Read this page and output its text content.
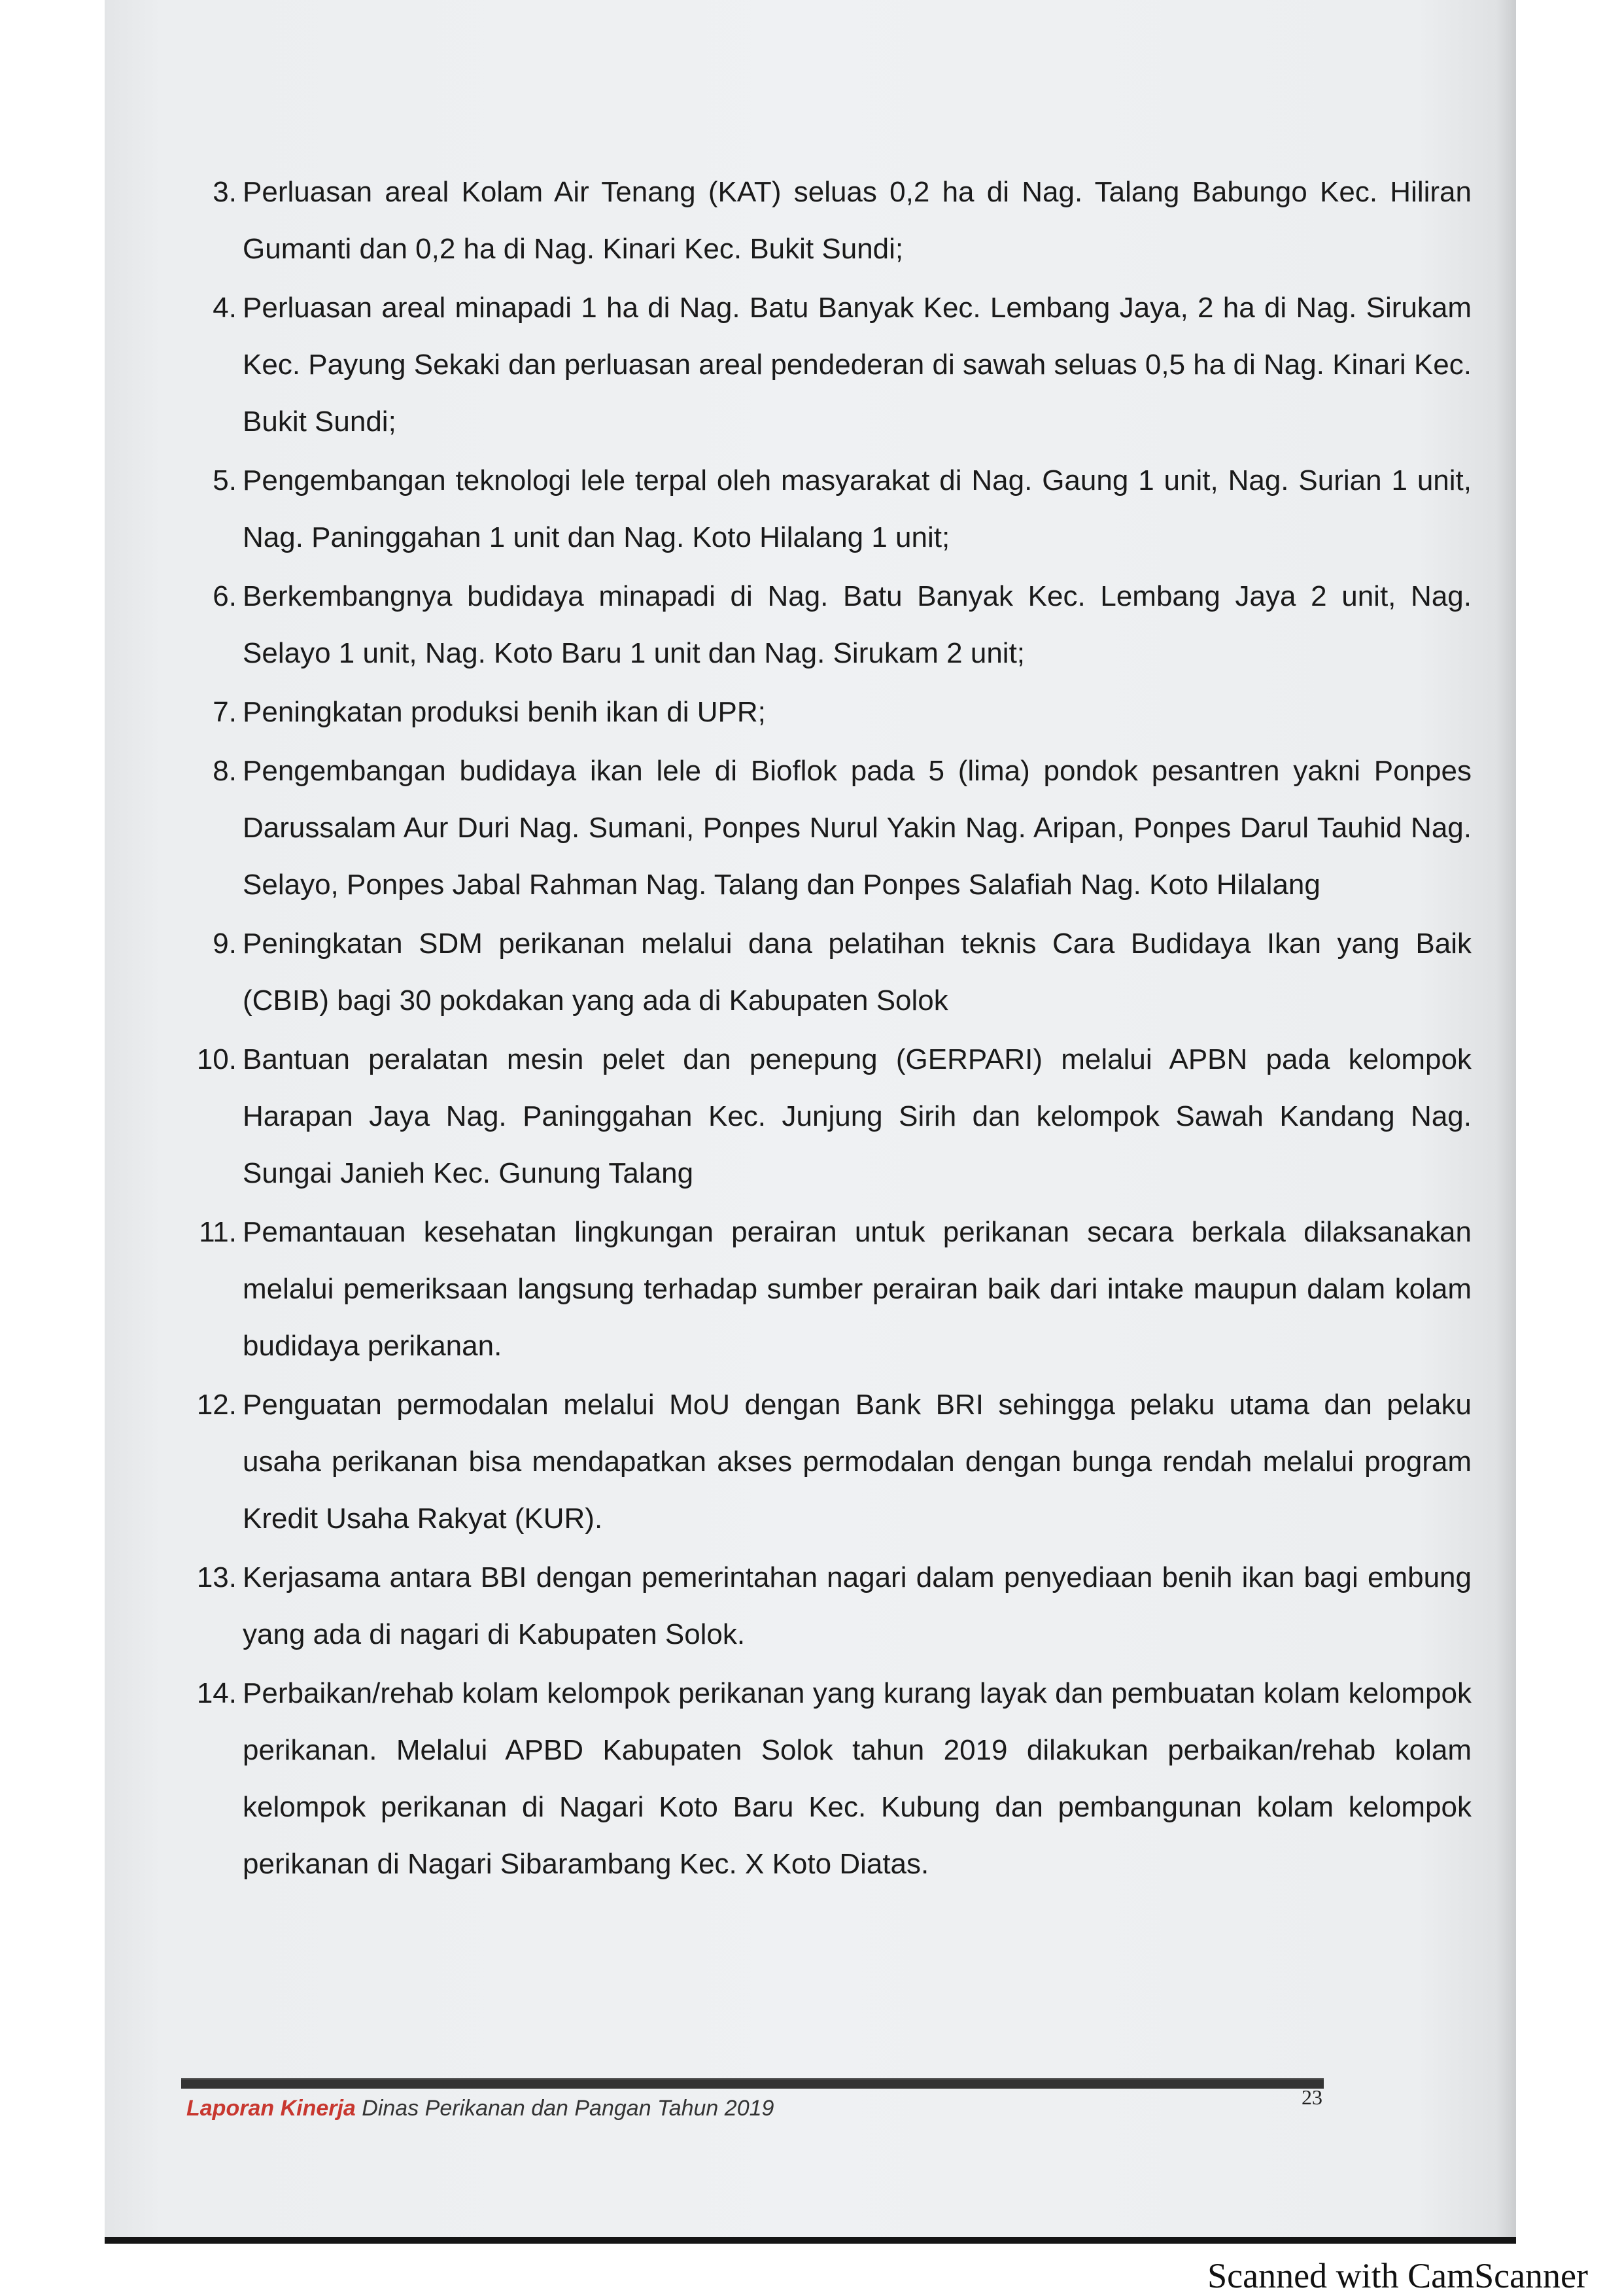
3. Perluasan areal Kolam Air Tenang (KAT) seluas 0,2 ha di Nag. Talang Babungo Kec. Hiliran Gumanti dan 0,2 ha di Nag. Kinari Kec. Bukit Sundi;
4. Perluasan areal minapadi 1 ha di Nag. Batu Banyak Kec. Lembang Jaya, 2 ha di Nag. Sirukam Kec. Payung Sekaki dan perluasan areal pendederan di sawah seluas 0,5 ha di Nag. Kinari Kec. Bukit Sundi;
5. Pengembangan teknologi lele terpal oleh masyarakat di Nag. Gaung 1 unit, Nag. Surian 1 unit, Nag. Paninggahan 1 unit dan Nag. Koto Hilalang 1 unit;
6. Berkembangnya budidaya minapadi di Nag. Batu Banyak Kec. Lembang Jaya 2 unit, Nag. Selayo 1 unit, Nag. Koto Baru 1 unit dan Nag. Sirukam 2 unit;
7. Peningkatan produksi benih ikan di UPR;
8. Pengembangan budidaya ikan lele di Bioflok pada 5 (lima) pondok pesantren yakni Ponpes Darussalam Aur Duri Nag. Sumani, Ponpes Nurul Yakin Nag. Aripan, Ponpes Darul Tauhid Nag. Selayo, Ponpes Jabal Rahman Nag. Talang dan Ponpes Salafiah Nag. Koto Hilalang
9. Peningkatan SDM perikanan melalui dana pelatihan teknis Cara Budidaya Ikan yang Baik (CBIB) bagi 30 pokdakan yang ada di Kabupaten Solok
10. Bantuan peralatan mesin pelet dan penepung (GERPARI) melalui APBN pada kelompok Harapan Jaya Nag. Paninggahan Kec. Junjung Sirih dan kelompok Sawah Kandang Nag. Sungai Janieh Kec. Gunung Talang
11. Pemantauan kesehatan lingkungan perairan untuk perikanan secara berkala dilaksanakan melalui pemeriksaan langsung terhadap sumber perairan baik dari intake maupun dalam kolam budidaya perikanan.
12. Penguatan permodalan melalui MoU dengan Bank BRI sehingga pelaku utama dan pelaku usaha perikanan bisa mendapatkan akses permodalan dengan bunga rendah melalui program Kredit Usaha Rakyat (KUR).
13. Kerjasama antara BBI dengan pemerintahan nagari dalam penyediaan benih ikan bagi embung yang ada di nagari di Kabupaten Solok.
14. Perbaikan/rehab kolam kelompok perikanan yang kurang layak dan pembuatan kolam kelompok perikanan. Melalui APBD Kabupaten Solok tahun 2019 dilakukan perbaikan/rehab kolam kelompok perikanan di Nagari Koto Baru Kec. Kubung dan pembangunan kolam kelompok perikanan di Nagari Sibarambang Kec. X Koto Diatas.
Laporan Kinerja Dinas Perikanan dan Pangan Tahun 2019	23
Scanned with CamScanner
